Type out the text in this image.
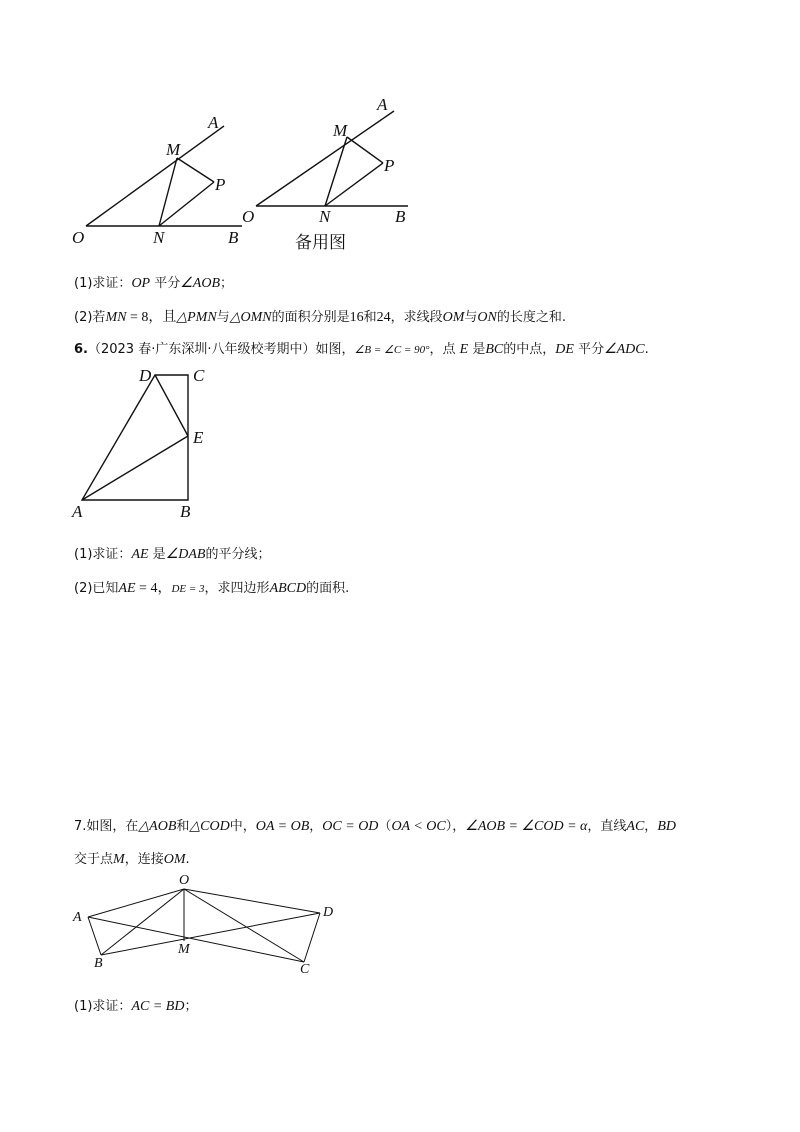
A
M
P
O	N	B
A
M
P
O	N	B
备用图
(1)求证：OP 平分∠AOB；
(2)若MN = 8，且△PMN与△OMN的面积分别是16和24，求线段OM与ON的长度之和.
6.（2023 春·广东深圳·八年级校考期中）如图，∠B = ∠C = 90°，点 E 是BC的中点，DE 平分∠ADC.
D C
E
A	B
(1)求证：AE 是∠DAB的平分线；
(2)已知AE = 4，DE = 3，求四边形ABCD的面积.
7.如图，在△AOB和△COD中，OA = OB，OC = OD（OA < OC），∠AOB = ∠COD = α，直线AC，BD
交于点M，连接OM.
O
A	D
M
B	C
(1)求证：AC = BD；
